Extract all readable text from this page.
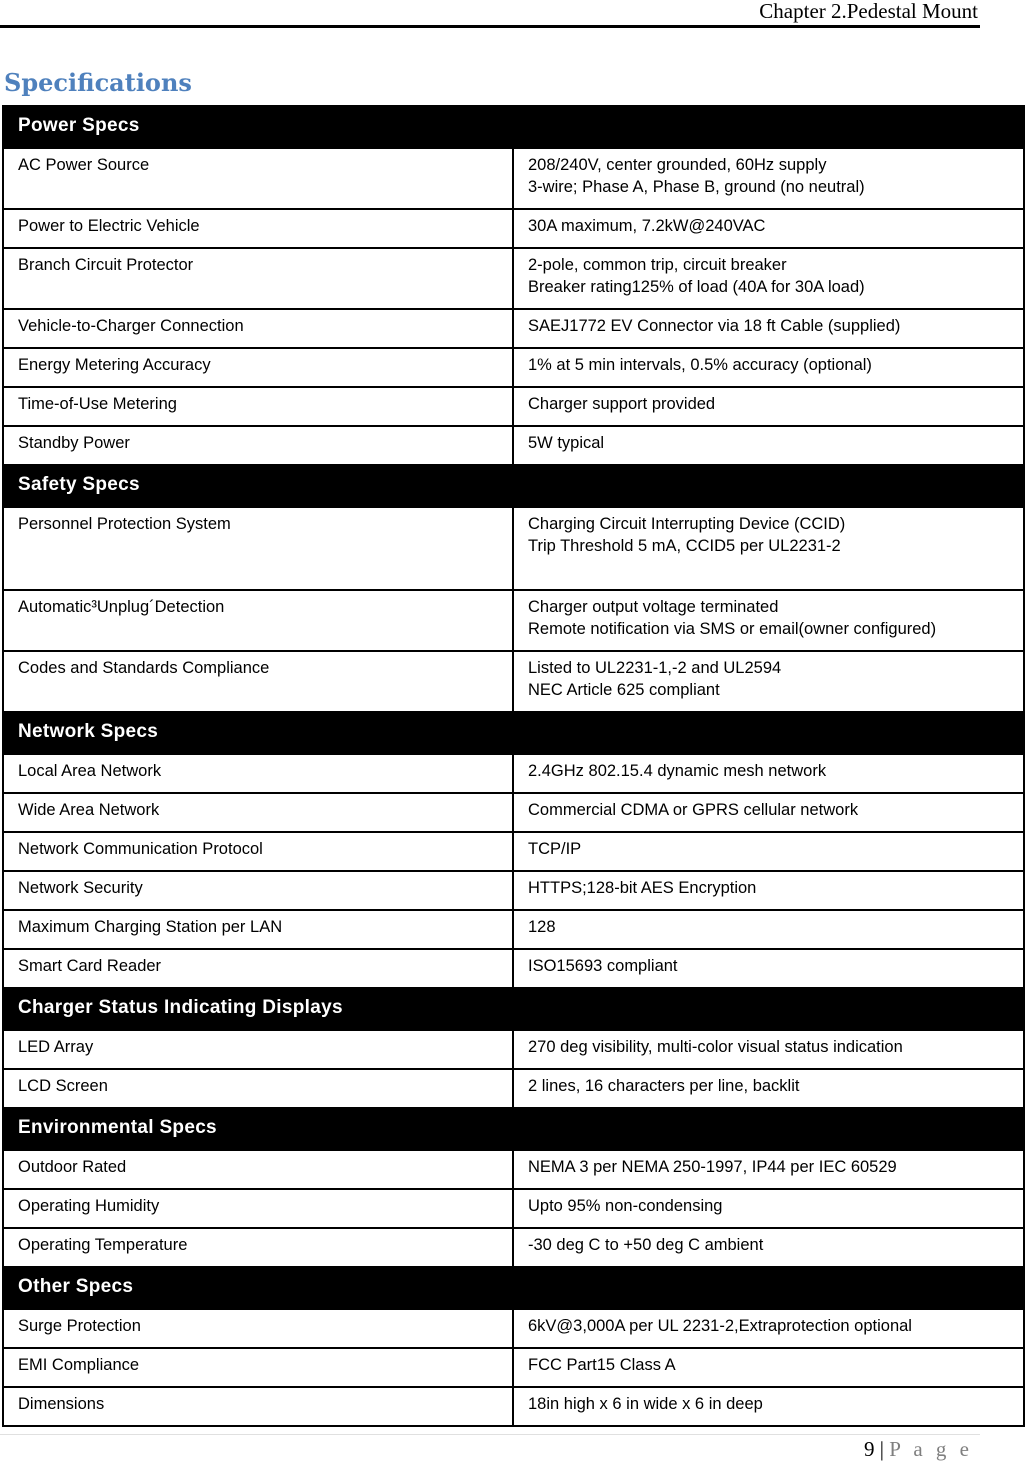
Chapter 2.Pedestal Mount
Specifications
Power Specs	
AC Power Source	208/240V, center grounded, 60Hz supply
3-wire; Phase A, Phase B, ground (no neutral)

Power to Electric Vehicle	30A maximum, 7.2kW@240VAC

Branch Circuit Protector	2-pole, common trip, circuit breaker
Breaker rating125% of load (40A for 30A load)

Vehicle-to-Charger Connection	SAEJ1772 EV Connector via 18 ft Cable (supplied)

Energy Metering Accuracy	1% at 5 min intervals, 0.5% accuracy (optional)

Time-of-Use Metering	Charger support provided

Standby Power	5W typical

Safety Specs	
Personnel Protection System	Charging Circuit Interrupting Device (CCID)
Trip Threshold 5 mA, CCID5 per UL2231-2

Automatic³Unplug´Detection	Charger output voltage terminated
Remote notification via SMS or email(owner configured)

Codes and Standards Compliance	Listed to UL2231-1,-2 and UL2594
NEC Article 625 compliant

Network Specs	
Local Area Network	2.4GHz 802.15.4 dynamic mesh network

Wide Area Network	Commercial CDMA or GPRS cellular network

Network Communication Protocol	TCP/IP

Network Security	HTTPS;128-bit AES Encryption

Maximum Charging Station per LAN	128

Smart Card Reader	ISO15693 compliant

Charger Status Indicating Displays	
LED Array	270 deg visibility, multi-color visual status indication

LCD Screen	2 lines, 16 characters per line, backlit

Environmental Specs	
Outdoor Rated	NEMA 3 per NEMA 250-1997, IP44 per IEC 60529

Operating Humidity	Upto 95% non-condensing

Operating Temperature	-30 deg C to +50 deg C ambient

Other Specs	
Surge Protection	6kV@3,000A per UL 2231-2,Extraprotection optional

EMI Compliance	FCC Part15 Class A

Dimensions	18in high x 6 in wide x 6 in deep
9 | P a g e
